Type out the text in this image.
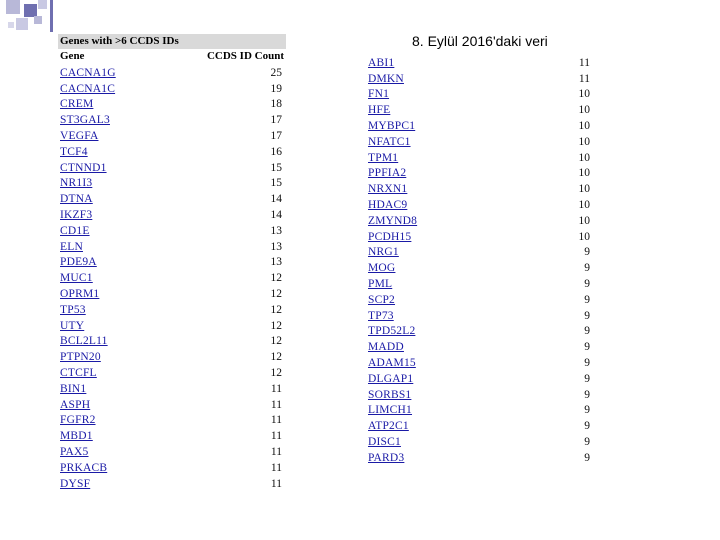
8. Eylül 2016'daki veri
Genes with >6 CCDS IDs
Gene	CCDS ID Count
CACNA1G	25
CACNA1C	19
CREM	18
ST3GAL3	17
VEGFA	17
TCF4	16
CTNND1	15
NR1I3	15
DTNA	14
IKZF3	14
CD1E	13
ELN	13
PDE9A	13
MUC1	12
OPRM1	12
TP53	12
UTY	12
BCL2L11	12
PTPN20	12
CTCFL	12
BIN1	11
ASPH	11
FGFR2	11
MBD1	11
PAX5	11
PRKACB	11
DYSF	11
ABI1	11
DMKN	11
FN1	10
HFE	10
MYBPC1	10
NFATC1	10
TPM1	10
PPFIA2	10
NRXN1	10
HDAC9	10
ZMYND8	10
PCDH15	10
NRG1	9
MOG	9
PML	9
SCP2	9
TP73	9
TPD52L2	9
MADD	9
ADAM15	9
DLGAP1	9
SORBS1	9
LIMCH1	9
ATP2C1	9
DISC1	9
PARD3	9
